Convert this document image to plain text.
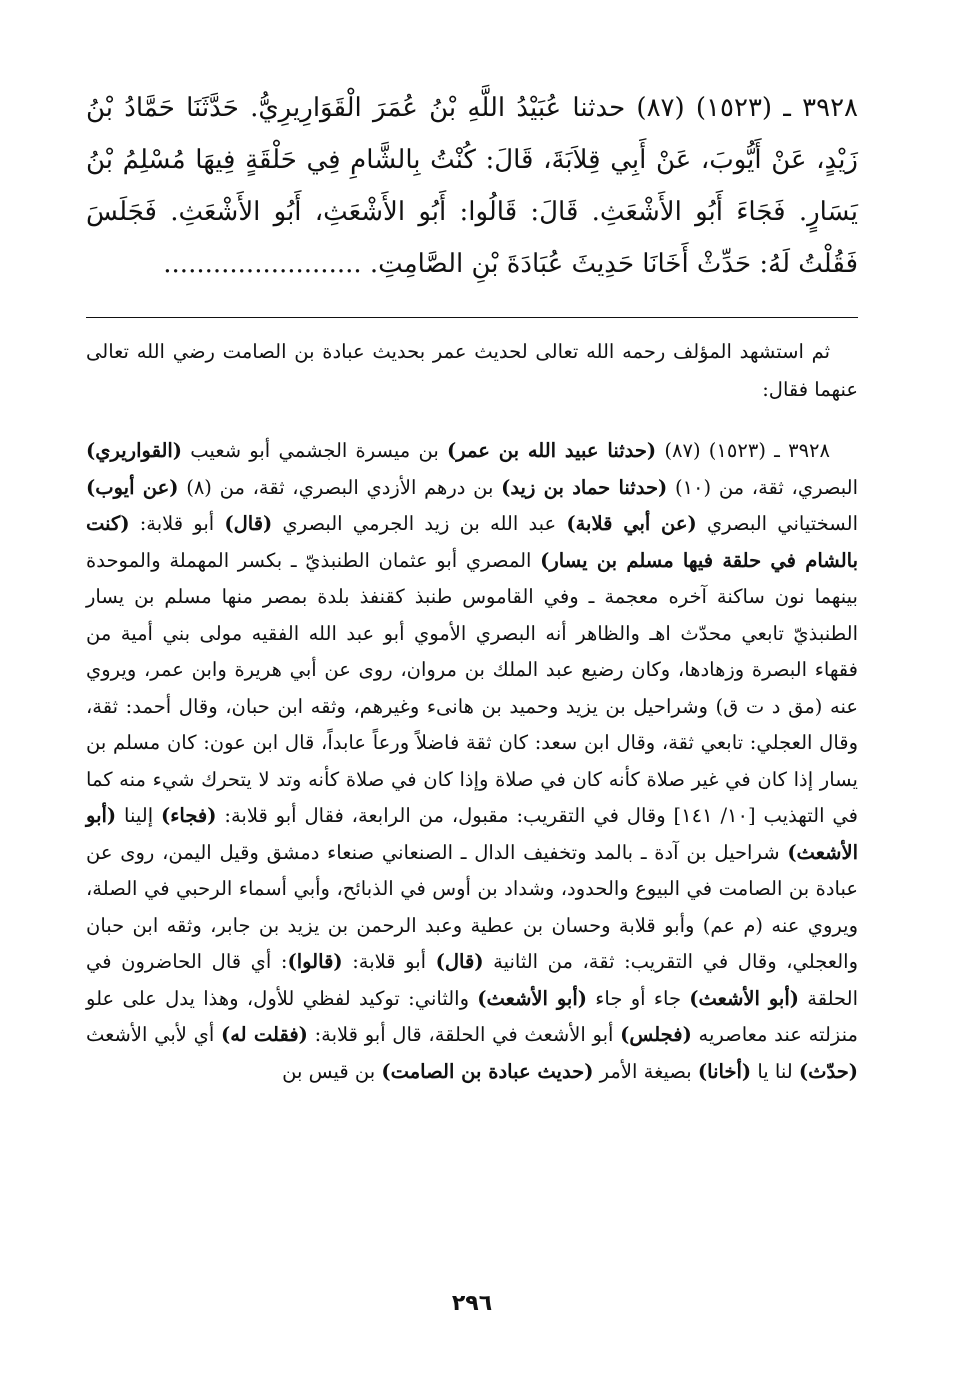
٣٩٢٨ ـ (١٥٢٣) (٨٧) حدثنا عُبَيْدُ اللَّهِ بْنُ عُمَرَ الْقَوَارِيرِيُّ. حَدَّثَنَا حَمَّادُ بْنُ زَيْدٍ، عَنْ أَيُّوبَ، عَنْ أَبِي قِلاَبَةَ، قَالَ: كُنْتُ بِالشَّامِ فِي حَلْقَةٍ فِيهَا مُسْلِمُ بْنُ يَسَارٍ. فَجَاءَ أَبُو الأَشْعَثِ. قَالَ: قَالُوا: أَبُو الأَشْعَثِ، أَبُو الأَشْعَثِ. فَجَلَسَ فَقُلْتُ لَهُ: حَدِّثْ أَخَانَا حَدِيثَ عُبَادَةَ بْنِ الصَّامِتِ. ........................

ثم استشهد المؤلف رحمه الله تعالى لحديث عمر بحديث عبادة بن الصامت رضي الله تعالى عنهما فقال:

٣٩٢٨ ـ (١٥٢٣) (٨٧) (حدثنا عبيد الله بن عمر) بن ميسرة الجشمي أبو شعيب (القواريري) البصري، ثقة، من (١٠) (حدثنا حماد بن زيد) بن درهم الأزدي البصري، ثقة، من (٨) (عن أيوب) السختياني البصري (عن أبي قلابة) عبد الله بن زيد الجرمي البصري (قال) أبو قلابة: (كنت بالشام في حلقة فيها مسلم بن يسار) المصري أبو عثمان الطنبذيّ ـ بكسر المهملة والموحدة بينهما نون ساكنة آخره معجمة ـ وفي القاموس طنبذ كقنفذ بلدة بمصر منها مسلم بن يسار الطنبذيّ تابعي محدّث اهـ والظاهر أنه البصري الأموي أبو عبد الله الفقيه مولى بني أمية من فقهاء البصرة وزهادها، وكان رضيع عبد الملك بن مروان، روى عن أبي هريرة وابن عمر، ويروي عنه (مق د ت ق) وشراحيل بن يزيد وحميد بن هانىء وغيرهم، وثقه ابن حبان، وقال أحمد: ثقة، وقال العجلي: تابعي ثقة، وقال ابن سعد: كان ثقة فاضلاً ورعاً عابداً، قال ابن عون: كان مسلم بن يسار إذا كان في غير صلاة كأنه كان في صلاة وإذا كان في صلاة كأنه وتد لا يتحرك شيء منه كما في التهذيب [١٠/ ١٤١] وقال في التقريب: مقبول، من الرابعة، فقال أبو قلابة: (فجاء) إلينا (أبو الأشعث) شراحيل بن آدة ـ بالمد وتخفيف الدال ـ الصنعاني صنعاء دمشق وقيل اليمن، روى عن عبادة بن الصامت في البيوع والحدود، وشداد بن أوس في الذبائح، وأبي أسماء الرحبي في الصلة، ويروي عنه (م عم) وأبو قلابة وحسان بن عطية وعبد الرحمن بن يزيد بن جابر، وثقه ابن حبان والعجلي، وقال في التقريب: ثقة، من الثانية (قال) أبو قلابة: (قالوا): أي قال الحاضرون في الحلقة (أبو الأشعث) جاء أو جاء (أبو الأشعث) والثاني: توكيد لفظي للأول، وهذا يدل على علو منزلته عند معاصريه (فجلس) أبو الأشعث في الحلقة، قال أبو قلابة: (فقلت له) أي لأبي الأشعث (حدّث) لنا يا (أخانا) بصيغة الأمر (حديث عبادة بن الصامت) بن قيس بن

٢٩٦
